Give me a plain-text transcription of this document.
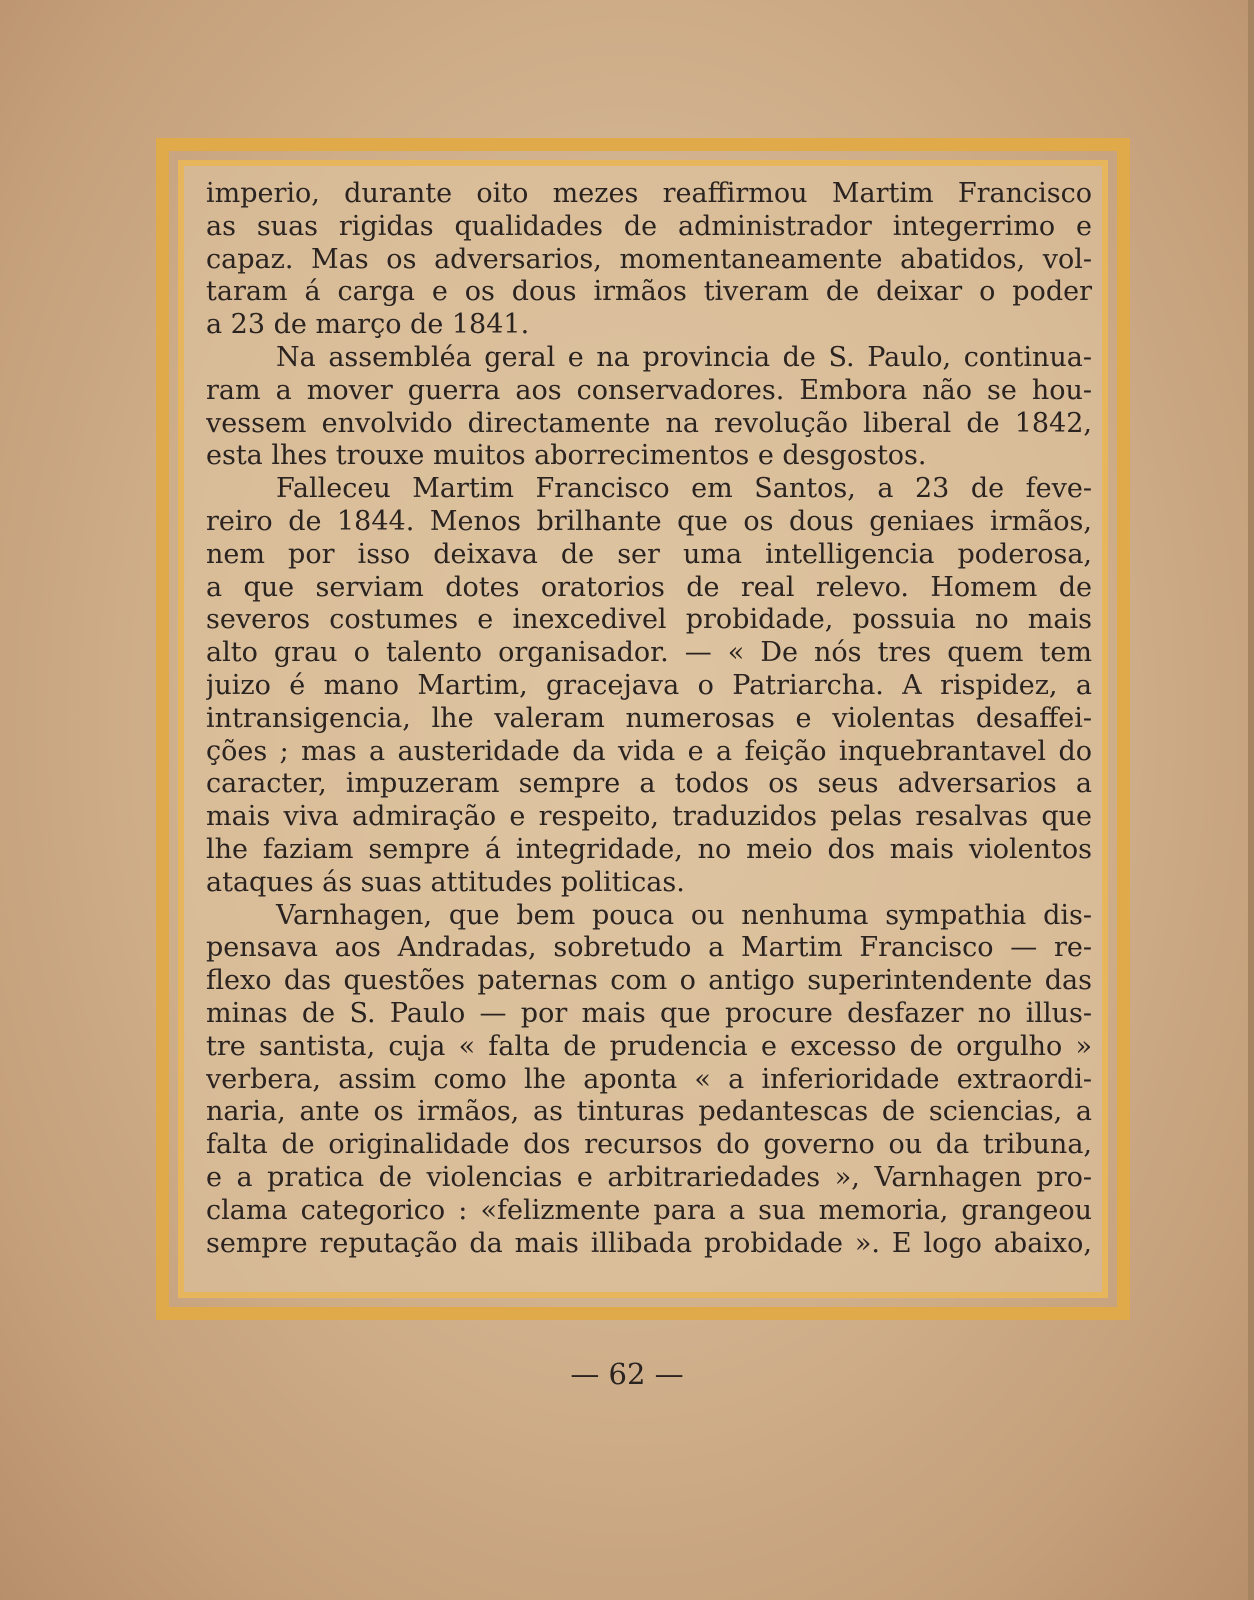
imperio, durante oito mezes reaffirmou Martim Francisco
as suas rigidas qualidades de administrador integerrimo e
capaz. Mas os adversarios, momentaneamente abatidos, vol-
taram á carga e os dous irmãos tiveram de deixar o poder
a 23 de março de 1841.
Na assembléa geral e na provincia de S. Paulo, continua-
ram a mover guerra aos conservadores. Embora não se hou-
vessem envolvido directamente na revolução liberal de 1842,
esta lhes trouxe muitos aborrecimentos e desgostos.
Falleceu Martim Francisco em Santos, a 23 de feve-
reiro de 1844. Menos brilhante que os dous geniaes irmãos,
nem por isso deixava de ser uma intelligencia poderosa,
a que serviam dotes oratorios de real relevo. Homem de
severos costumes e inexcedivel probidade, possuia no mais
alto grau o talento organisador. — « De nós tres quem tem
juizo é mano Martim, gracejava o Patriarcha. A rispidez, a
intransigencia, lhe valeram numerosas e violentas desaffei-
ções ; mas a austeridade da vida e a feição inquebrantavel do
caracter, impuzeram sempre a todos os seus adversarios a
mais viva admiração e respeito, traduzidos pelas resalvas que
lhe faziam sempre á integridade, no meio dos mais violentos
ataques ás suas attitudes politicas.
Varnhagen, que bem pouca ou nenhuma sympathia dis-
pensava aos Andradas, sobretudo a Martim Francisco — re-
flexo das questões paternas com o antigo superintendente das
minas de S. Paulo — por mais que procure desfazer no illus-
tre santista, cuja « falta de prudencia e excesso de orgulho »
verbera, assim como lhe aponta « a inferioridade extraordi-
naria, ante os irmãos, as tinturas pedantescas de sciencias, a
falta de originalidade dos recursos do governo ou da tribuna,
e a pratica de violencias e arbitrariedades », Varnhagen pro-
clama categorico : «felizmente para a sua memoria, grangeou
sempre reputação da mais illibada probidade ». E logo abaixo,
— 62 —
